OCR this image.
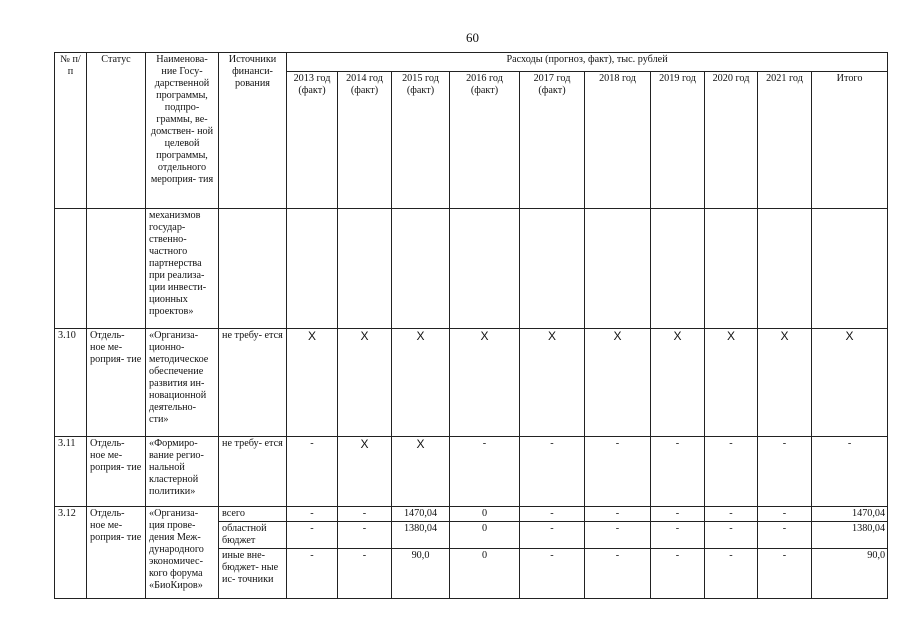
60
№ п/п	Статус	Наименова- ние Госу- дарственной программы, подпро- граммы, ве- домствен- ной целевой программы, отдельного мероприя- тия	Источники финанси- рования	Расходы (прогноз, факт), тыс. рублей									
				2013 год (факт)	2014 год (факт)	2015 год (факт)	2016 год (факт)	2017 год (факт)	2018 год	2019 год	2020 год	2021 год	Итого
		механизмов государ- ственно- частного партнерства при реализа- ции инвести- ционных проектов»											
3.10	Отдель- ное ме- роприя- тие	«Организа- ционно- методическое обеспечение развития ин- новационной деятельно- сти»	не требу- ется	X	X	X	X	X	X	X	X	X	X
3.11	Отдель- ное ме- роприя- тие	«Формиро- вание регио- нальной кластерной политики»	не требу- ется	-	X	X	-	-	-	-	-	-	-
3.12	Отдель- ное ме- роприя- тие	«Организа- ция прове- дения Меж- дународного экономичес- кого форума «БиоКиров»	всего	-	-	1470,04	0	-	-	-	-	-	1470,04
			областной бюджет	-	-	1380,04	0	-	-	-	-	-	1380,04
			иные вне- бюджет- ные ис- точники	-	-	90,0	0	-	-	-	-	-	90,0
